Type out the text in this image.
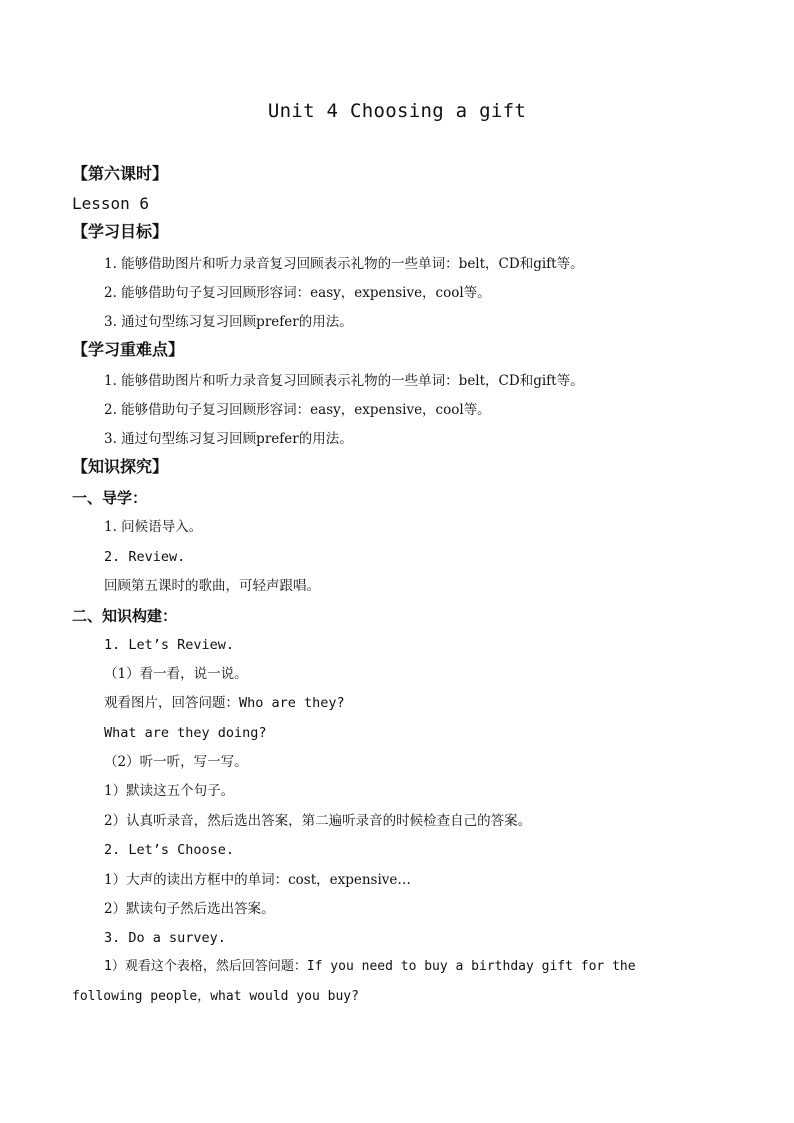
Unit 4 Choosing a gift
【第六课时】
Lesson 6
【学习目标】
1. 能够借助图片和听力录音复习回顾表示礼物的一些单词：belt，CD和gift等。
2. 能够借助句子复习回顾形容词：easy，expensive，cool等。
3. 通过句型练习复习回顾prefer的用法。
【学习重难点】
1. 能够借助图片和听力录音复习回顾表示礼物的一些单词：belt，CD和gift等。
2. 能够借助句子复习回顾形容词：easy，expensive，cool等。
3. 通过句型练习复习回顾prefer的用法。
【知识探究】
一、导学：
1. 问候语导入。
2. Review.
回顾第五课时的歌曲，可轻声跟唱。
二、知识构建：
1. Let’s Review.
（1）看一看，说一说。
观看图片，回答问题：Who are they?
What are they doing?
（2）听一听，写一写。
1）默读这五个句子。
2）认真听录音，然后选出答案，第二遍听录音的时候检查自己的答案。
2. Let’s Choose.
1）大声的读出方框中的单词：cost，expensive…
2）默读句子然后选出答案。
3. Do a survey.
1）观看这个表格，然后回答问题：If you need to buy a birthday gift for the
following people，what would you buy?
